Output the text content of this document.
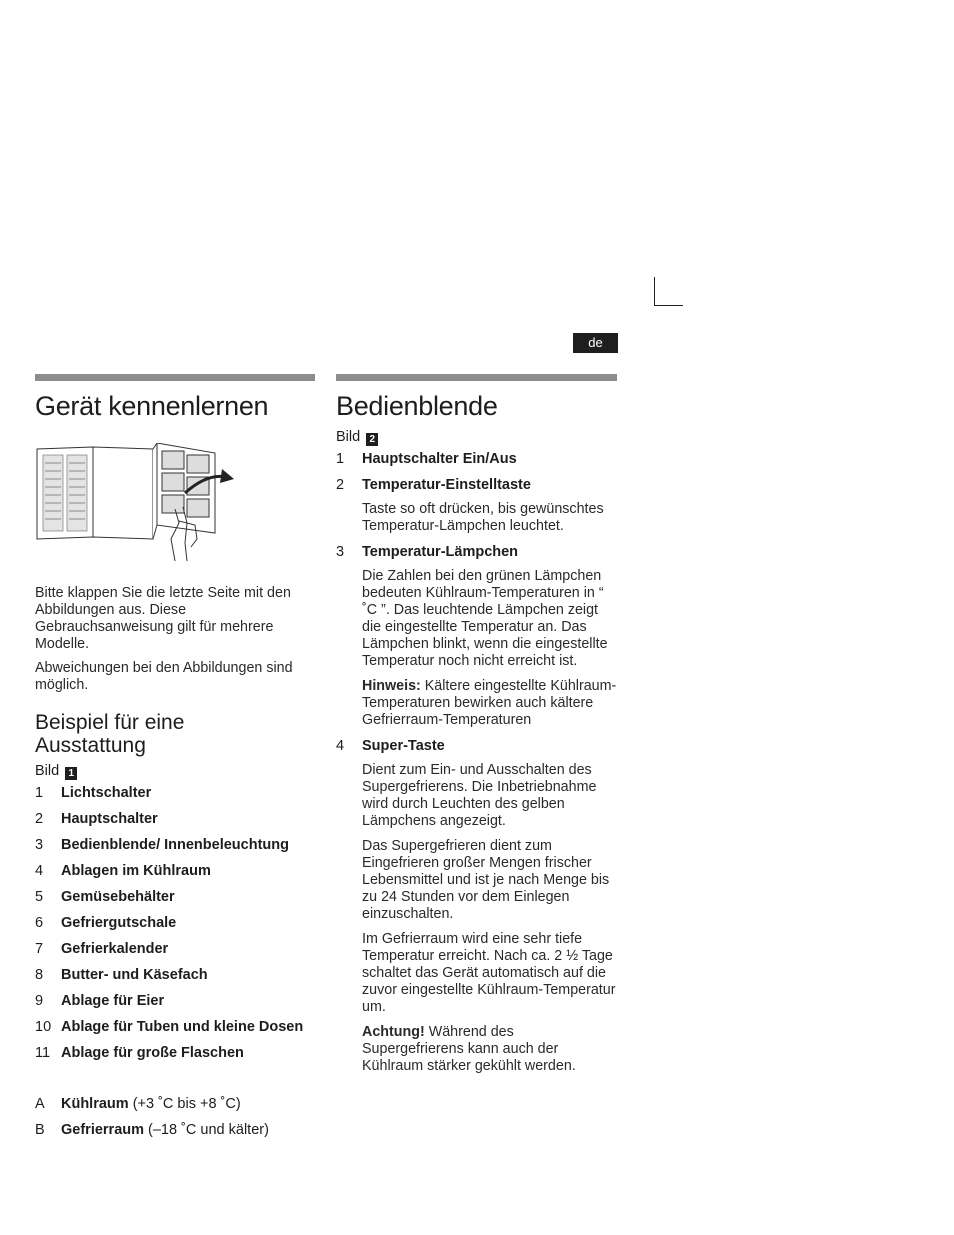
de
Gerät kennenlernen
Bitte klappen Sie die letzte Seite mit den Abbildungen aus. Diese Gebrauchsanweisung gilt für mehrere Modelle.
Abweichungen bei den Abbildungen sind möglich.
Beispiel für eine
Ausstattung
Bild 1
1	Lichtschalter
2	Hauptschalter
3	Bedienblende/ Innenbeleuchtung
4	Ablagen im Kühlraum
5	Gemüsebehälter
6	Gefriergutschale
7	Gefrierkalender
8	Butter- und Käsefach
9	Ablage für Eier
10 Ablage für Tuben und kleine Dosen
11 Ablage für große Flaschen
A	Kühlraum (+3 ˚C bis +8 ˚C)
B	Gefrierraum (–18 ˚C und kälter)
Bedienblende
Bild 2
1	Hauptschalter Ein/Aus
2	Temperatur-Einstelltaste
Taste so oft drücken, bis gewünschtes Temperatur-Lämpchen leuchtet.
3	Temperatur-Lämpchen
Die Zahlen bei den grünen Lämpchen bedeuten Kühlraum-Temperaturen in “ ˚C ”. Das leuchtende Lämpchen zeigt die eingestellte Temperatur an. Das Lämpchen blinkt, wenn die eingestellte Temperatur noch nicht erreicht ist.
Hinweis: Kältere eingestellte Kühlraum-Temperaturen bewirken auch kältere Gefrierraum-Temperaturen
4	Super-Taste
Dient zum Ein- und Ausschalten des Supergefrierens. Die Inbetriebnahme wird durch Leuchten des gelben Lämpchens angezeigt.
Das Supergefrieren dient zum Eingefrieren großer Mengen frischer Lebensmittel und ist je nach Menge bis zu 24 Stunden vor dem Einlegen einzuschalten.
Im Gefrierraum wird eine sehr tiefe Temperatur erreicht. Nach ca. 2 ½ Tage schaltet das Gerät automatisch auf die zuvor eingestellte Kühlraum-Temperatur um.
Achtung! Während des Supergefrierens kann auch der Kühlraum stärker gekühlt werden.
